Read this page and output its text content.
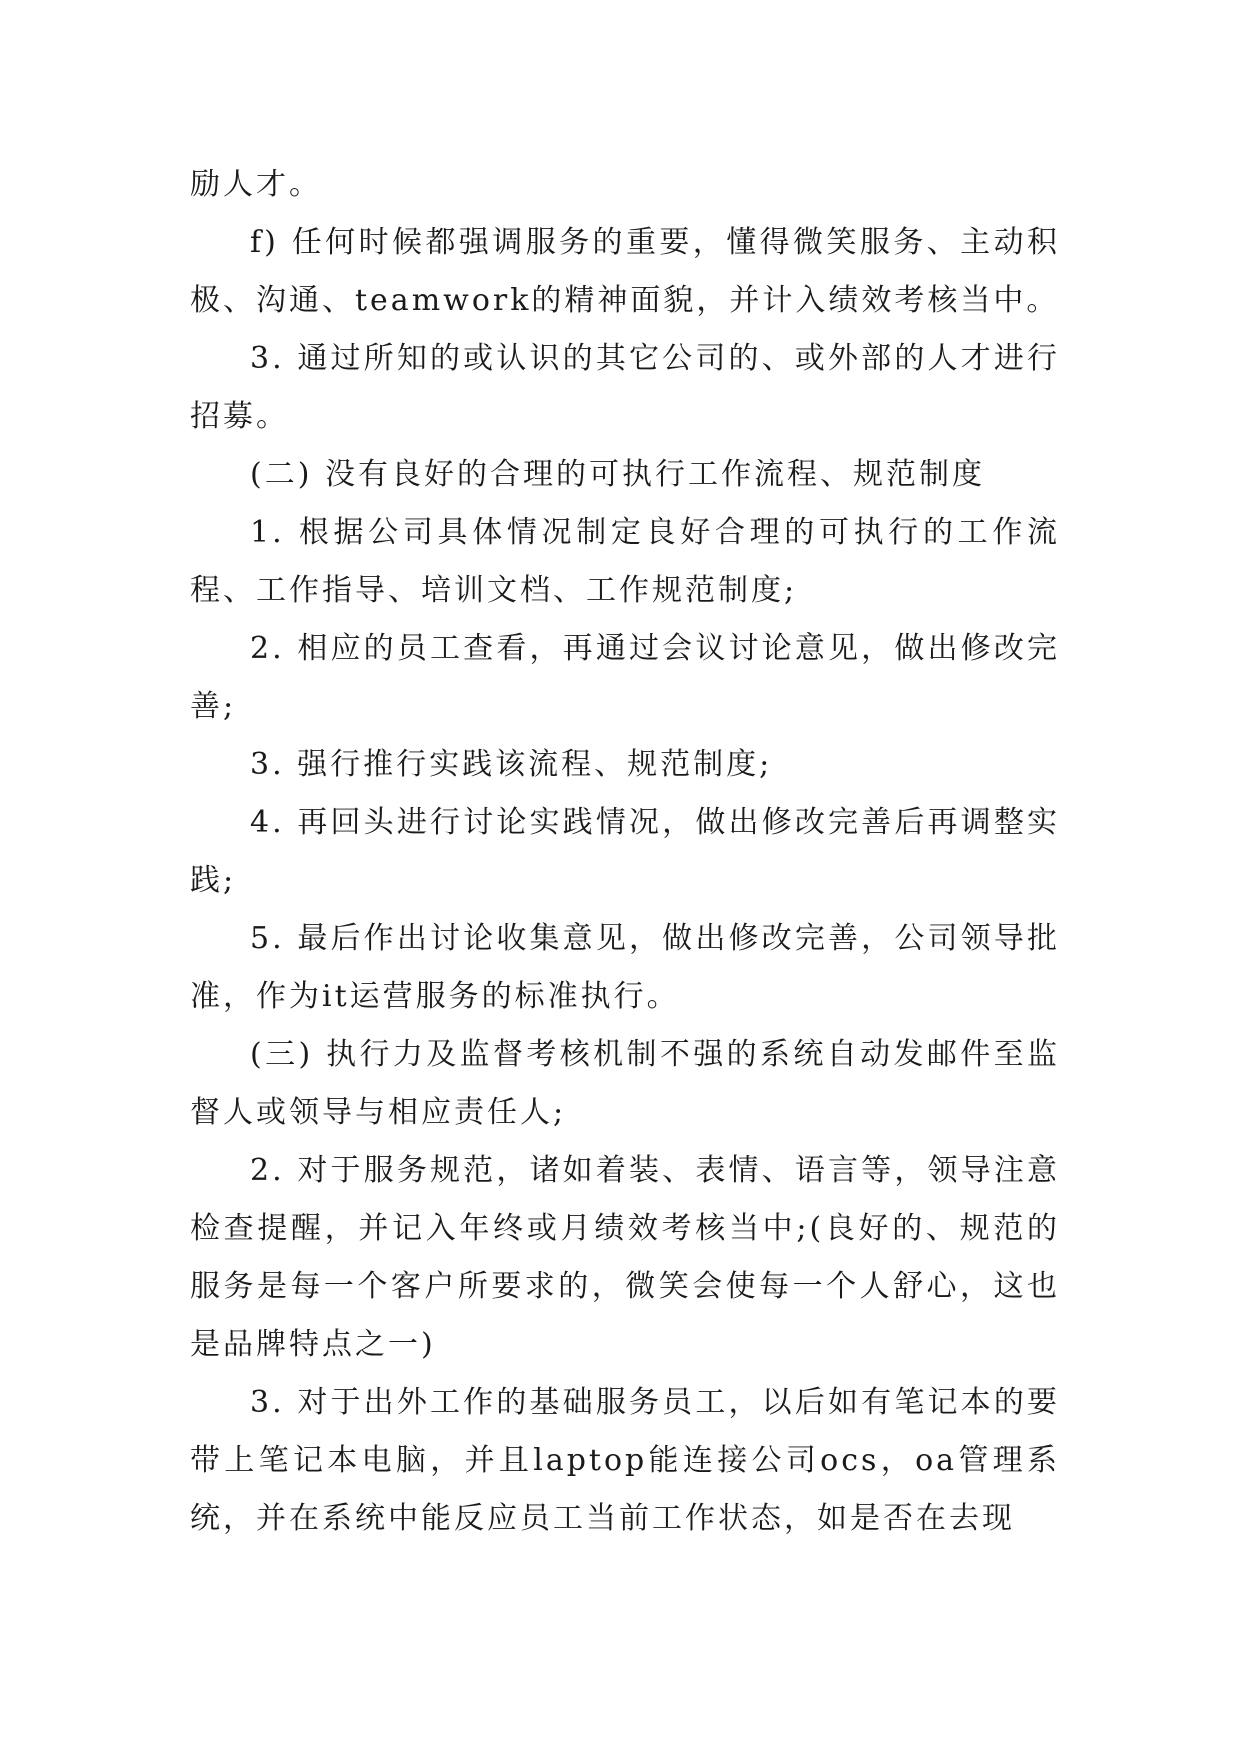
励人才。

f) 任何时候都强调服务的重要，懂得微笑服务、主动积极、沟通、teamwork的精神面貌，并计入绩效考核当中。

3. 通过所知的或认识的其它公司的、或外部的人才进行招募。

(二) 没有良好的合理的可执行工作流程、规范制度

1. 根据公司具体情况制定良好合理的可执行的工作流程、工作指导、培训文档、工作规范制度;

2. 相应的员工查看，再通过会议讨论意见，做出修改完善;

3. 强行推行实践该流程、规范制度;

4. 再回头进行讨论实践情况，做出修改完善后再调整实践;

5. 最后作出讨论收集意见，做出修改完善，公司领导批准，作为it运营服务的标准执行。

(三) 执行力及监督考核机制不强的系统自动发邮件至监督人或领导与相应责任人;

2. 对于服务规范，诸如着装、表情、语言等，领导注意检查提醒，并记入年终或月绩效考核当中;(良好的、规范的服务是每一个客户所要求的，微笑会使每一个人舒心，这也是品牌特点之一)

3. 对于出外工作的基础服务员工，以后如有笔记本的要带上笔记本电脑，并且laptop能连接公司ocs，oa管理系统，并在系统中能反应员工当前工作状态，如是否在去现
